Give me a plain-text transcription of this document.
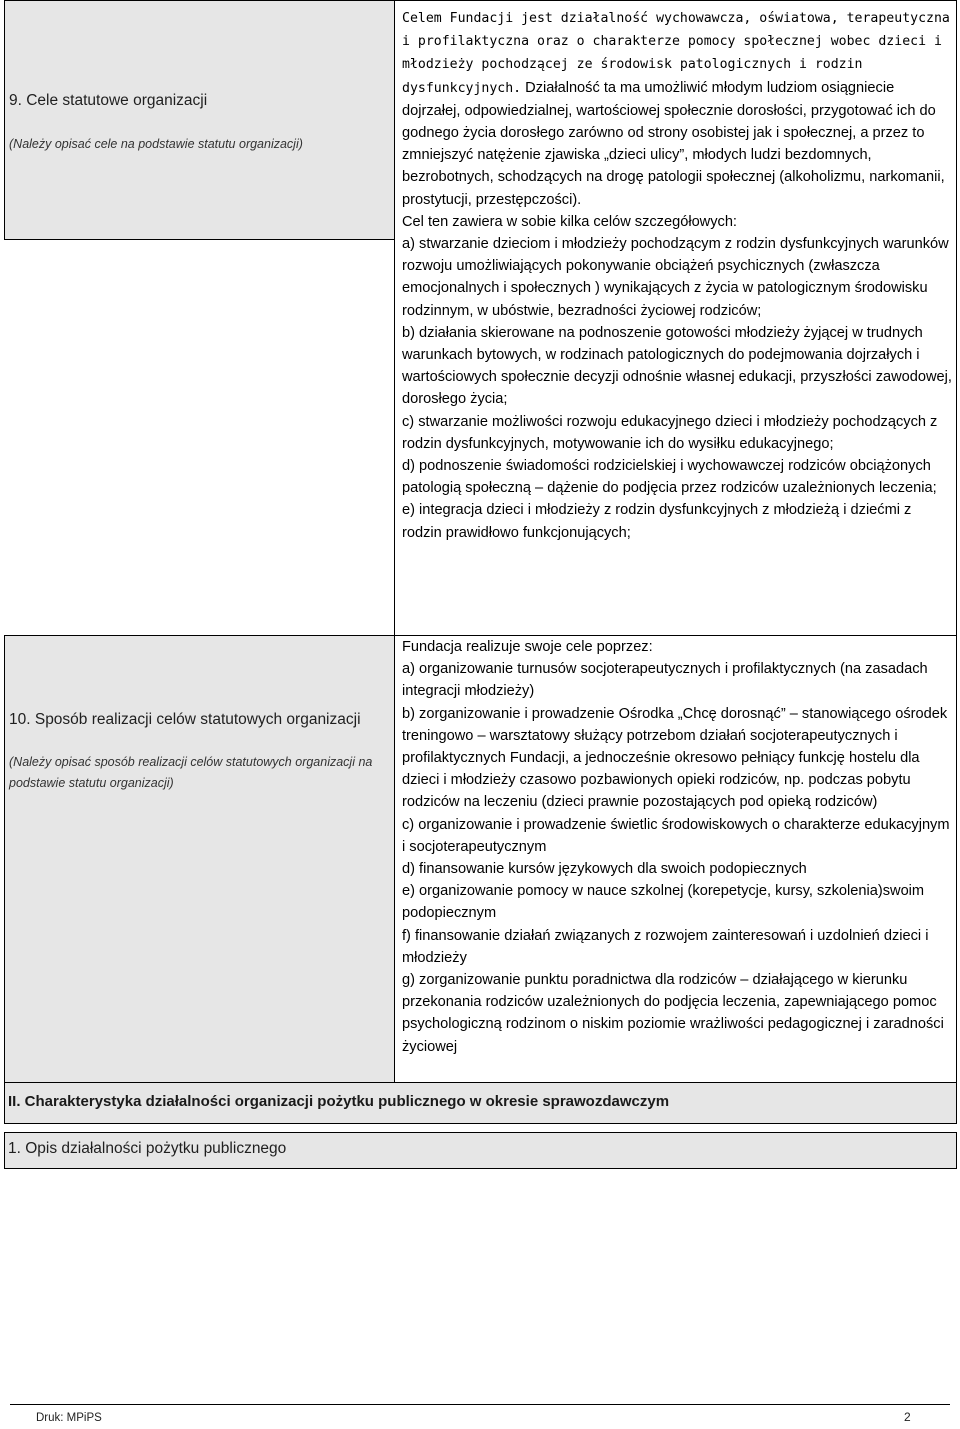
9. Cele statutowe organizacji
(Należy opisać cele na podstawie statutu organizacji)
10. Sposób realizacji celów statutowych organizacji
(Należy opisać sposób realizacji celów statutowych organizacji na podstawie statutu organizacji)

Celem Fundacji jest działalność wychowawcza, oświatowa, terapeutyczna i profilaktyczna oraz o charakterze pomocy społecznej wobec dzieci i młodzieży pochodzącej ze środowisk patologicznych i rodzin dysfunkcyjnych. Działalność ta ma umożliwić młodym ludziom osiągniecie dojrzałej, odpowiedzialnej, wartościowej społecznie dorosłości, przygotować ich do godnego życia dorosłego zarówno od strony osobistej jak i społecznej, a przez to zmniejszyć natężenie zjawiska „dzieci ulicy”, młodych ludzi bezdomnych, bezrobotnych, schodzących na drogę patologii społecznej (alkoholizmu, narkomanii, prostytucji, przestępczości).

Cel ten zawiera w sobie kilka celów szczegółowych:

a) stwarzanie dzieciom i młodzieży pochodzącym z rodzin dysfunkcyjnych warunków rozwoju umożliwiających pokonywanie obciążeń psychicznych (zwłaszcza emocjonalnych i społecznych ) wynikających z życia w patologicznym środowisku rodzinnym, w ubóstwie, bezradności życiowej rodziców;

b) działania skierowane na podnoszenie gotowości młodzieży żyjącej w trudnych warunkach bytowych, w rodzinach patologicznych do podejmowania dojrzałych i wartościowych społecznie decyzji odnośnie własnej edukacji, przyszłości zawodowej, dorosłego życia;

c) stwarzanie możliwości rozwoju edukacyjnego dzieci i młodzieży pochodzących z rodzin dysfunkcyjnych, motywowanie ich do wysiłku edukacyjnego;

d) podnoszenie świadomości rodzicielskiej i wychowawczej rodziców obciążonych patologią społeczną – dążenie do podjęcia przez rodziców uzależnionych leczenia;

e) integracja dzieci i młodzieży z rodzin dysfunkcyjnych z młodzieżą i dziećmi z rodzin prawidłowo funkcjonujących;

Fundacja realizuje swoje cele poprzez:

a) organizowanie turnusów socjoterapeutycznych i profilaktycznych (na zasadach integracji młodzieży)

b) zorganizowanie i prowadzenie Ośrodka „Chcę dorosnąć” – stanowiącego ośrodek treningowo – warsztatowy służący potrzebom działań socjoterapeutycznych i profilaktycznych Fundacji, a jednocześnie okresowo pełniący funkcję hostelu dla dzieci i młodzieży czasowo pozbawionych opieki rodziców, np. podczas pobytu rodziców na leczeniu (dzieci prawnie pozostających pod opieką rodziców)

c) organizowanie i prowadzenie świetlic środowiskowych o charakterze edukacyjnym i socjoterapeutycznym

d) finansowanie kursów językowych dla swoich podopiecznych

e) organizowanie pomocy w nauce szkolnej (korepetycje, kursy, szkolenia)swoim podopiecznym

f) finansowanie działań związanych z rozwojem zainteresowań i uzdolnień dzieci i młodzieży

g) zorganizowanie punktu poradnictwa dla rodziców – działającego w kierunku przekonania rodziców uzależnionych do podjęcia leczenia, zapewniającego pomoc psychologiczną rodzinom o niskim poziomie wrażliwości pedagogicznej i zaradności życiowej

II. Charakterystyka działalności organizacji pożytku publicznego w okresie sprawozdawczym
1. Opis działalności pożytku publicznego
Druk: MPiPS	2
